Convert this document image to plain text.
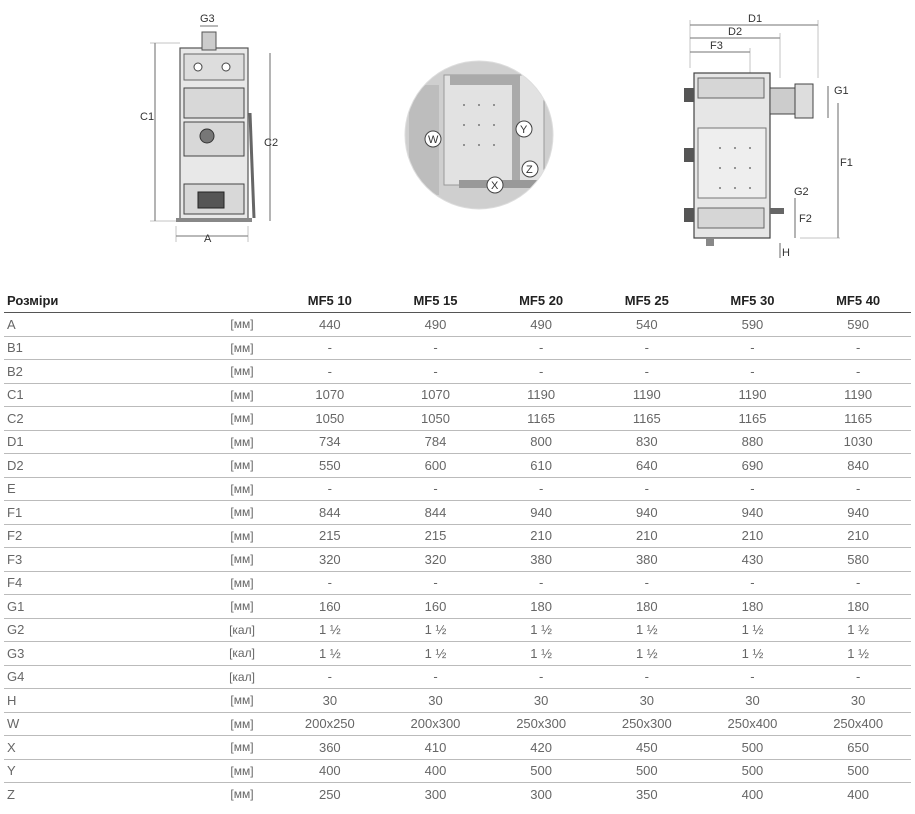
G3
C1
C2
A
W
Y
Z
X
D1
D2
F3
G1
F1
G2
F2
H
Розміри		MF5 10	MF5 15	MF5 20	MF5 25	MF5 30	MF5 40
A	[мм]	440	490	490	540	590	590
B1	[мм]	-	-	-	-	-	-
B2	[мм]	-	-	-	-	-	-
C1	[мм]	1070	1070	1190	1190	1190	1190
C2	[мм]	1050	1050	1165	1165	1165	1165
D1	[мм]	734	784	800	830	880	1030
D2	[мм]	550	600	610	640	690	840
E	[мм]	-	-	-	-	-	-
F1	[мм]	844	844	940	940	940	940
F2	[мм]	215	215	210	210	210	210
F3	[мм]	320	320	380	380	430	580
F4	[мм]	-	-	-	-	-	-
G1	[мм]	160	160	180	180	180	180
G2	[кал]	1 ½	1 ½	1 ½	1 ½	1 ½	1 ½
G3	[кал]	1 ½	1 ½	1 ½	1 ½	1 ½	1 ½
G4	[кал]	-	-	-	-	-	-
H	[мм]	30	30	30	30	30	30
W	[мм]	200x250	200x300	250x300	250x300	250x400	250x400
X	[мм]	360	410	420	450	500	650
Y	[мм]	400	400	500	500	500	500
Z	[мм]	250	300	300	350	400	400
